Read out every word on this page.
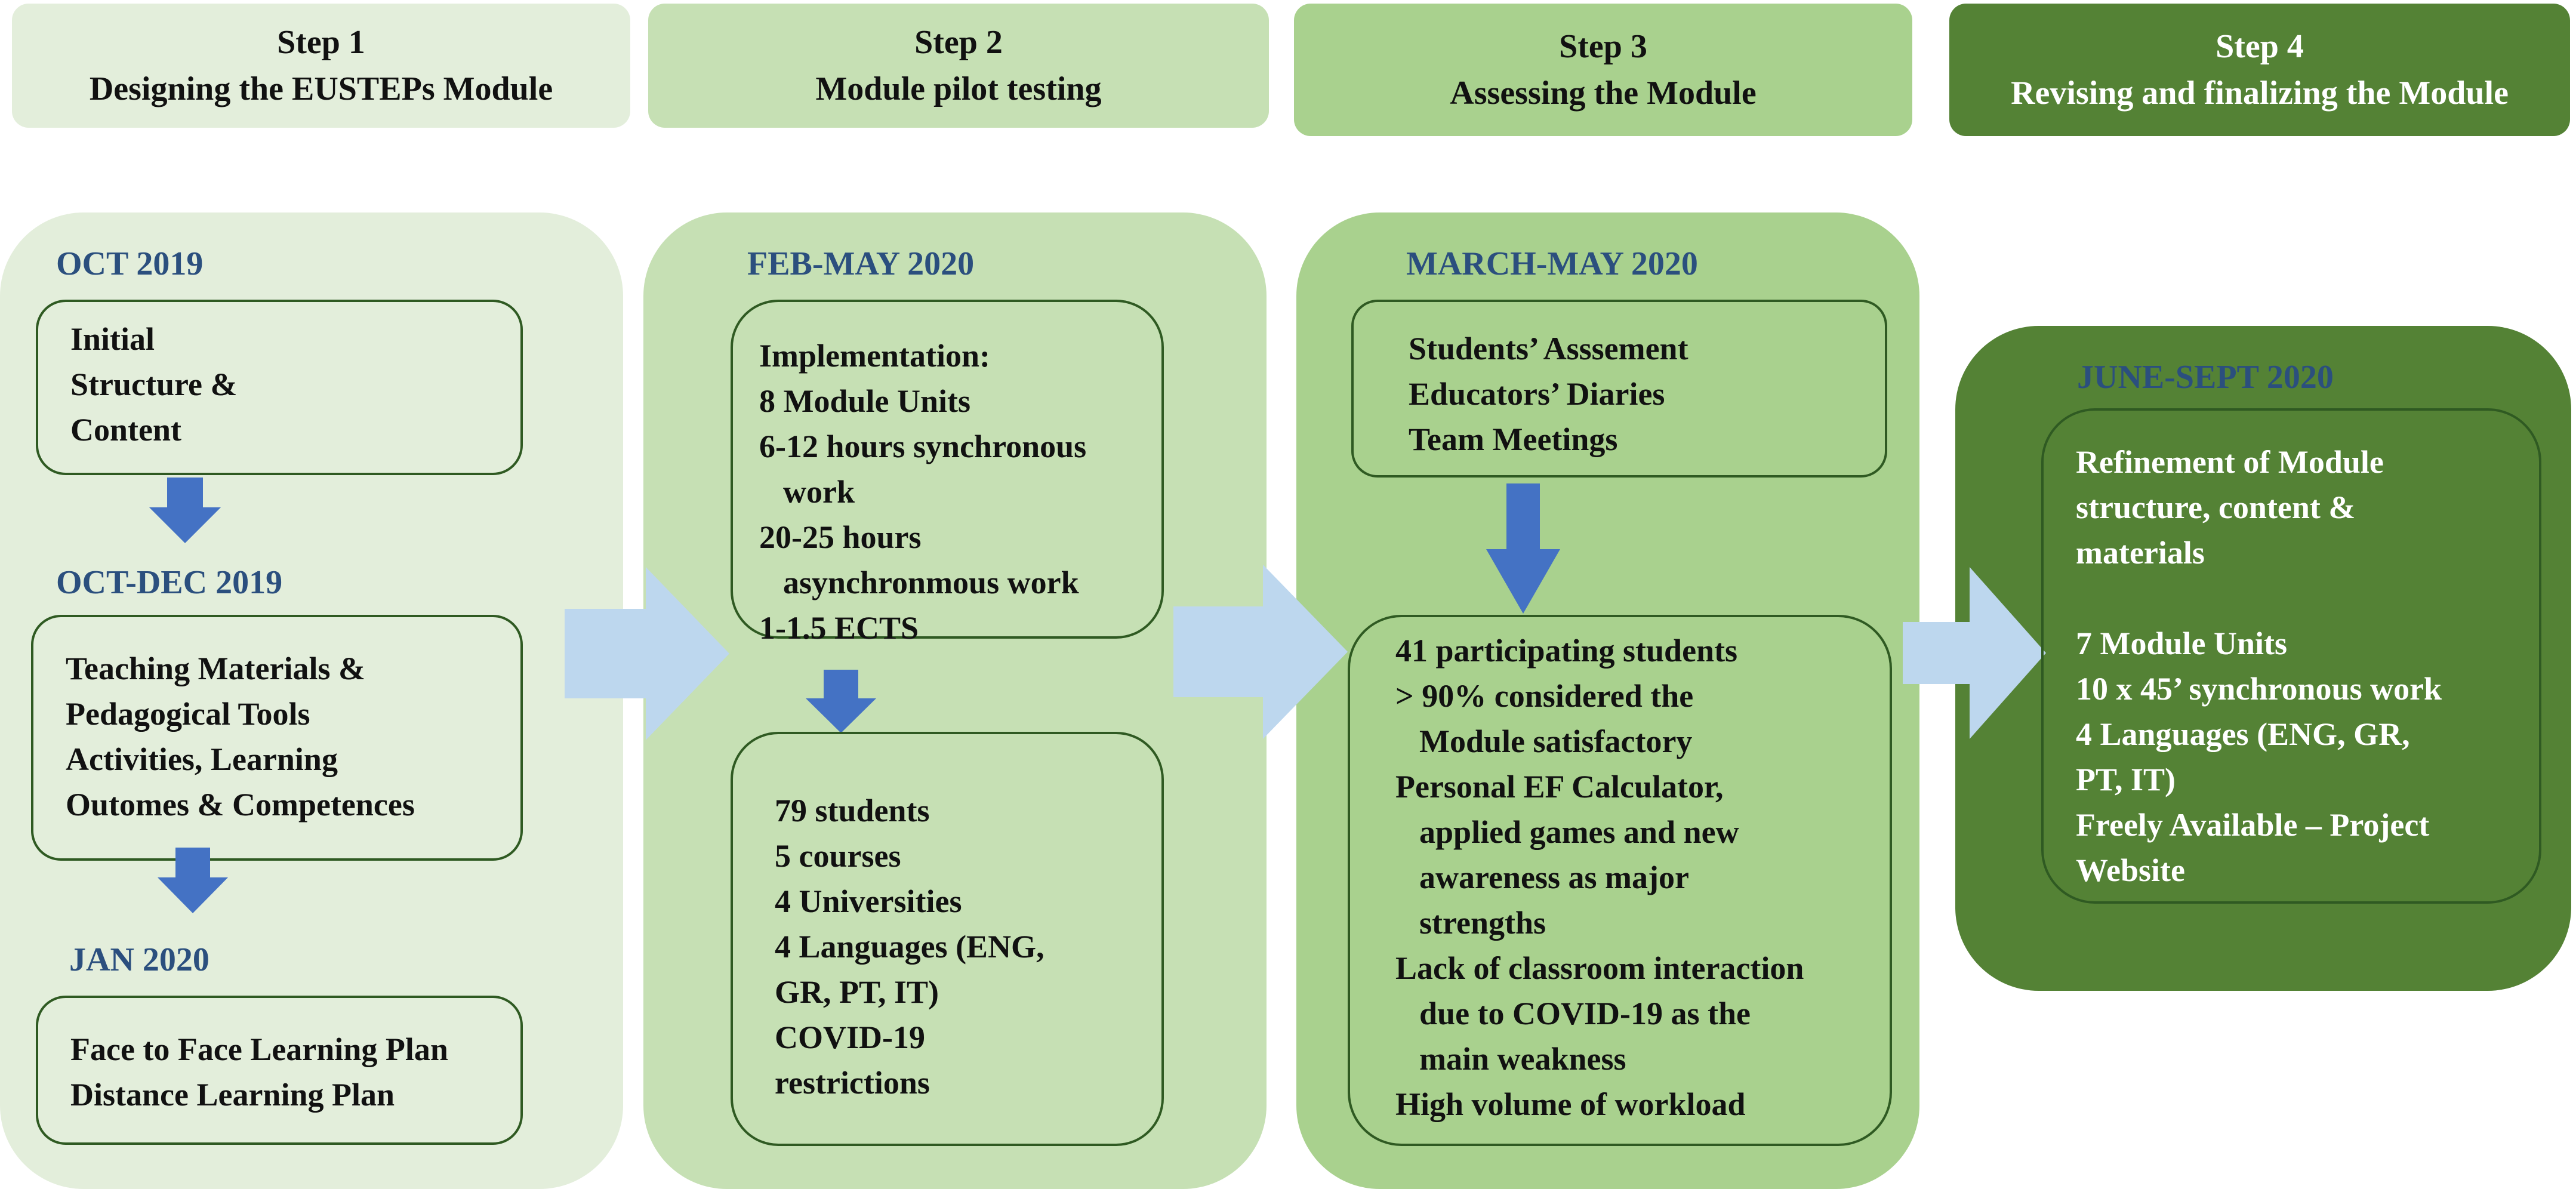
Step 1
Designing the EUSTEPs Module
Step 2
Module pilot testing
Step 3
Assessing the Module
Step 4
Revising and finalizing the Module
OCT 2019
Initial
Structure &
Content
OCT-DEC 2019
Teaching Materials &
Pedagogical Tools
Activities, Learning
Outomes & Competences
JAN 2020
Face to Face Learning Plan
Distance Learning Plan
FEB-MAY 2020
Implementation:
8 Module Units
6-12 hours synchronous
work
20-25 hours
asynchronmous work
1-1.5 ECTS
79 students
5 courses
4 Universities
4 Languages (ENG,
GR, PT, IT)
COVID-19
restrictions
MARCH-MAY 2020
Students’ Asssement
Educators’ Diaries
Team Meetings
41 participating students
> 90% considered the
Module satisfactory
Personal EF Calculator,
applied games and new
awareness as major
strengths
Lack of classroom interaction
due to COVID-19 as the
main weakness
High volume of workload
JUNE-SEPT 2020
Refinement of Module
structure, content &
materials
7 Module Units
10 x 45’ synchronous work
4 Languages (ENG, GR,
PT, IT)
Freely Available – Project
Website
